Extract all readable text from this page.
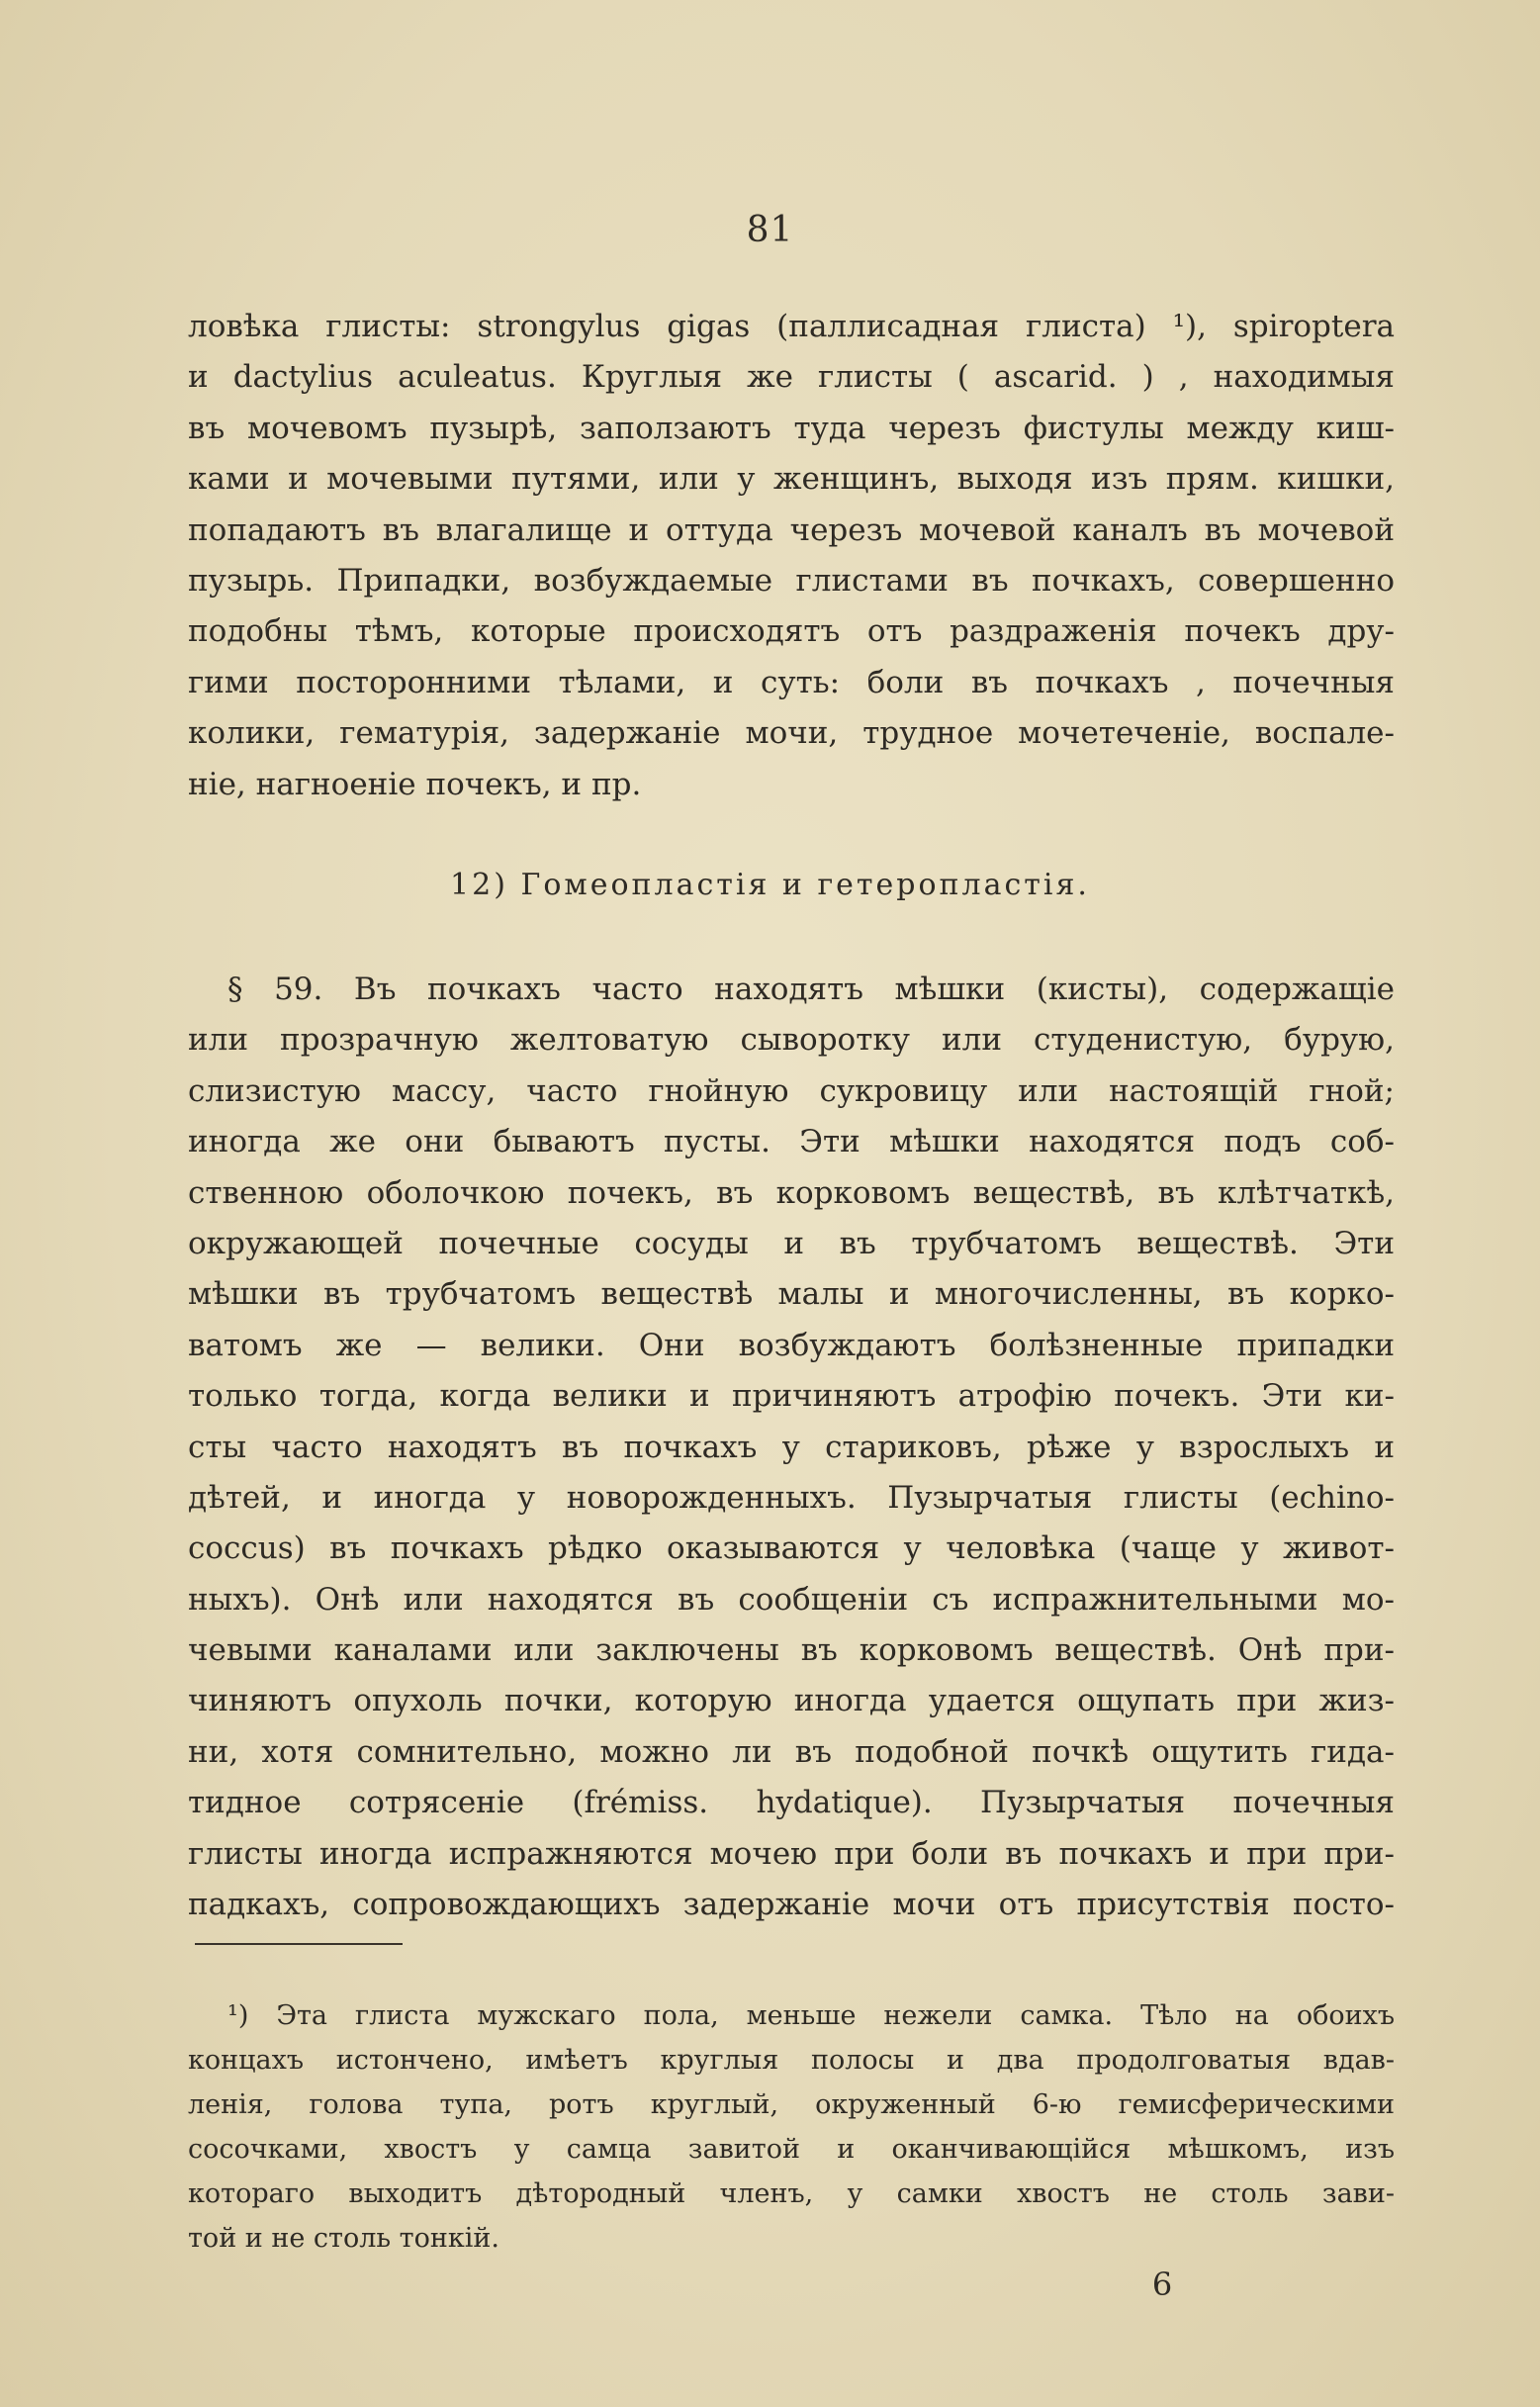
81
ловѣка глисты: strongylus gigas (паллисадная глиста) ¹), spiroptera
и dactylius aculeatus. Круглыя же глисты ( ascarid. ) , находимыя
въ мочевомъ пузырѣ, заползаютъ туда черезъ фистулы между киш-
ками и мочевыми путями, или у женщинъ, выходя изъ прям. кишки,
попадаютъ въ влагалище и оттуда черезъ мочевой каналъ въ мочевой
пузырь. Припадки, возбуждаемые глистами въ почкахъ, совершенно
подобны тѣмъ, которые происходятъ отъ раздраженія почекъ дру-
гими посторонними тѣлами, и суть: боли въ почкахъ , почечныя
колики, гематурія, задержаніе мочи, трудное мочетеченіе, воспале-
ніе, нагноеніе почекъ, и пр.
12) Гомеопластія и гетеропластія.
§ 59. Въ почкахъ часто находятъ мѣшки (кисты), содержащіе
или прозрачную желтоватую сыворотку или студенистую, бурую,
слизистую массу, часто гнойную сукровицу или настоящій гной;
иногда же они бываютъ пусты. Эти мѣшки находятся подъ соб-
ственною оболочкою почекъ, въ корковомъ веществѣ, въ клѣтчаткѣ,
окружающей почечные сосуды и въ трубчатомъ веществѣ. Эти
мѣшки въ трубчатомъ веществѣ малы и многочисленны, въ корко-
ватомъ же — велики. Они возбуждаютъ болѣзненные припадки
только тогда, когда велики и причиняютъ атрофію почекъ. Эти ки-
сты часто находятъ въ почкахъ у стариковъ, рѣже у взрослыхъ и
дѣтей, и иногда у новорожденныхъ. Пузырчатыя глисты (echino-
coccus) въ почкахъ рѣдко оказываются у человѣка (чаще у живот-
ныхъ). Онѣ или находятся въ сообщеніи съ испражнительными мо-
чевыми каналами или заключены въ корковомъ веществѣ. Онѣ при-
чиняютъ опухоль почки, которую иногда удается ощупать при жиз-
ни, хотя сомнительно, можно ли въ подобной почкѣ ощутить гида-
тидное сотрясеніе (frémiss. hydatique). Пузырчатыя почечныя
глисты иногда испражняются мочею при боли въ почкахъ и при при-
падкахъ, сопровождающихъ задержаніе мочи отъ присутствія посто-
¹) Эта глиста мужскаго пола, меньше нежели самка. Тѣло на обоихъ
концахъ истончено, имѣетъ круглыя полосы и два продолговатыя вдав-
ленія, голова тупа, ротъ круглый, окруженный 6-ю гемисферическими
сосочками, хвостъ у самца завитой и оканчивающійся мѣшкомъ, изъ
котораго выходитъ дѣтородный членъ, у самки хвостъ не столь зави-
той и не столь тонкій.
6
